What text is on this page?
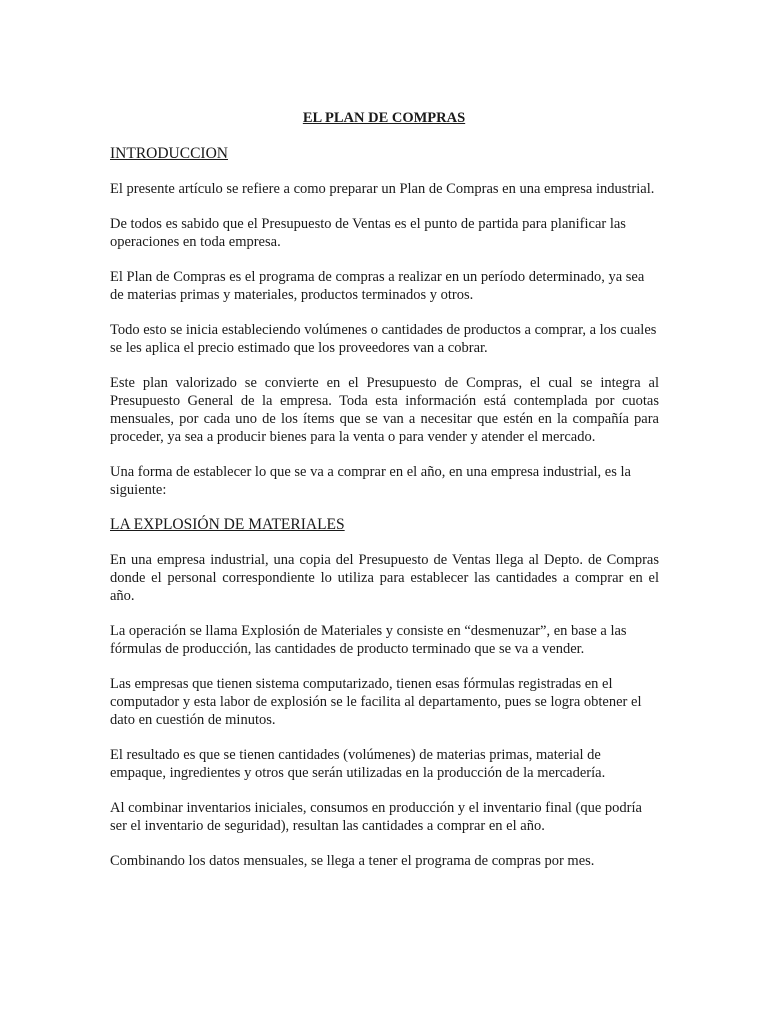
EL PLAN DE COMPRAS
INTRODUCCION

El presente artículo se refiere a como preparar un Plan de Compras en una empresa industrial.

De todos es sabido que el Presupuesto de Ventas es el punto de partida para planificar las operaciones en toda empresa.

El Plan de Compras es el programa de compras a realizar en un período determinado, ya sea de materias primas y materiales, productos terminados y otros.

Todo esto se inicia estableciendo volúmenes o cantidades de productos a comprar, a los cuales se les aplica el precio estimado que los proveedores van a cobrar.

Este plan valorizado se convierte en el Presupuesto de Compras, el cual se integra al Presupuesto General de la empresa. Toda esta información está contemplada por cuotas mensuales, por cada uno de los ítems que se van a necesitar que estén en la compañía para proceder, ya sea a producir bienes para la venta o para vender y atender el mercado.

Una forma de establecer lo que se va a comprar en el año, en una empresa industrial, es la siguiente:

LA EXPLOSIÓN DE MATERIALES

En una empresa industrial, una copia del Presupuesto de Ventas llega al Depto. de Compras donde el personal correspondiente lo utiliza para establecer las cantidades a comprar en el año.

La operación se llama Explosión de Materiales y consiste en “desmenuzar”, en base a las fórmulas de producción, las cantidades de producto terminado que se va a vender.

Las empresas que tienen sistema computarizado, tienen esas fórmulas registradas en el computador y esta labor de explosión se le facilita al departamento, pues se logra obtener el dato en cuestión de minutos.

El resultado es que se tienen cantidades (volúmenes) de materias primas, material de empaque, ingredientes y otros que serán utilizadas en la producción de la mercadería.

Al combinar inventarios iniciales, consumos en producción y el inventario final (que podría ser el inventario de seguridad), resultan las cantidades a comprar en el año.

Combinando los datos mensuales, se llega a tener el programa de compras por mes.
